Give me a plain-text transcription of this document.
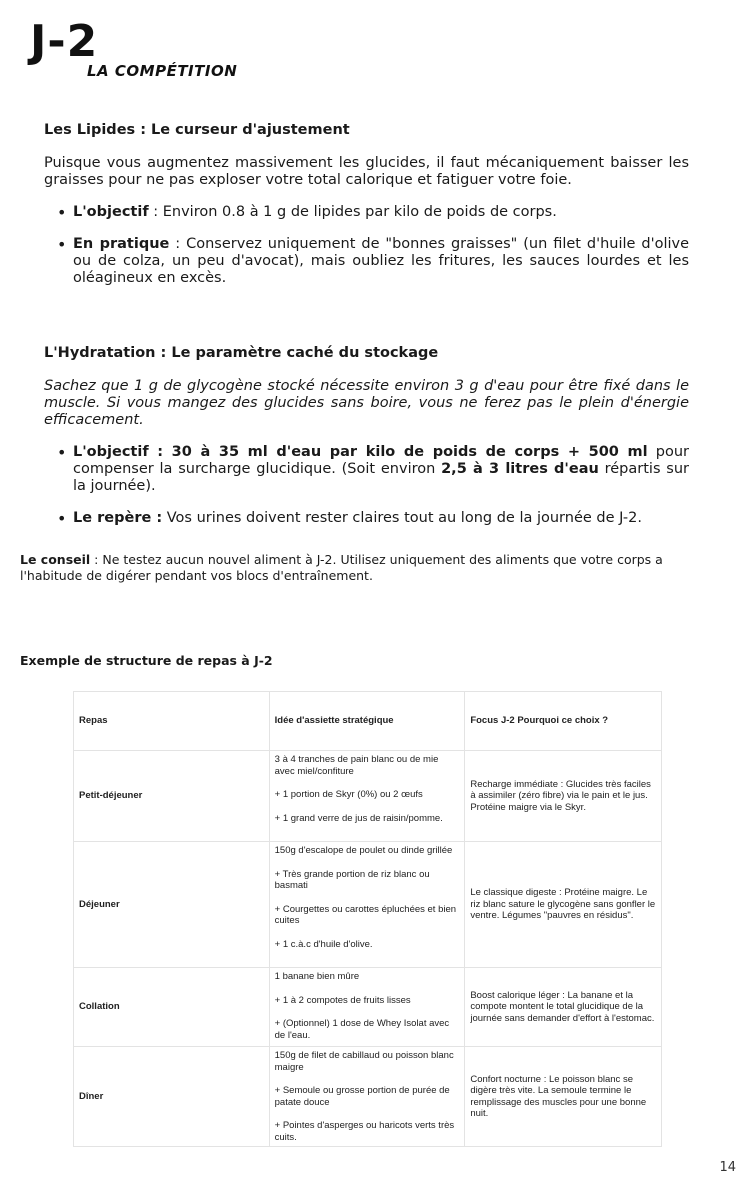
J-2
LA COMPÉTITION
Les Lipides : Le curseur d'ajustement

Puisque vous augmentez massivement les glucides, il faut mécaniquement baisser les graisses pour ne pas exploser votre total calorique et fatiguer votre foie.

• L'objectif : Environ 0.8 à 1 g de lipides par kilo de poids de corps.
• En pratique : Conservez uniquement de "bonnes graisses" (un filet d'huile d'olive ou de colza, un peu d'avocat), mais oubliez les fritures, les sauces lourdes et les oléagineux en excès.
L'Hydratation : Le paramètre caché du stockage

Sachez que 1 g de glycogène stocké nécessite environ 3 g d'eau pour être fixé dans le muscle. Si vous mangez des glucides sans boire, vous ne ferez pas le plein d'énergie efficacement.

• L'objectif : 30 à 35 ml d'eau par kilo de poids de corps + 500 ml pour compenser la surcharge glucidique. (Soit environ 2,5 à 3 litres d'eau répartis sur la journée).
• Le repère : Vos urines doivent rester claires tout au long de la journée de J-2.

Le conseil : Ne testez aucun nouvel aliment à J-2. Utilisez uniquement des aliments que votre corps a l'habitude de digérer pendant vos blocs d'entraînement.

Exemple de structure de repas à J-2
Repas	Idée d'assiette stratégique	Focus J-2 Pourquoi ce choix ?
Petit-déjeuner	3 à 4 tranches de pain blanc ou de mie avec miel/confiture

+ 1 portion de Skyr (0%) ou 2 œufs

+ 1 grand verre de jus de raisin/pomme.	Recharge immédiate : Glucides très faciles à assimiler (zéro fibre) via le pain et le jus. Protéine maigre via le Skyr.
Déjeuner	150g d'escalope de poulet ou dinde grillée

+ Très grande portion de riz blanc ou basmati

+ Courgettes ou carottes épluchées et bien cuites

+ 1 c.à.c d'huile d'olive.	Le classique digeste : Protéine maigre. Le riz blanc sature le glycogène sans gonfler le ventre. Légumes "pauvres en résidus".
Collation	1 banane bien mûre

+ 1 à 2 compotes de fruits lisses

+ (Optionnel) 1 dose de Whey Isolat avec de l'eau.	Boost calorique léger : La banane et la compote montent le total glucidique de la journée sans demander d'effort à l'estomac.
Dîner	150g de filet de cabillaud ou poisson blanc maigre

+ Semoule ou grosse portion de purée de patate douce

+ Pointes d'asperges ou haricots verts très cuits.	Confort nocturne : Le poisson blanc se digère très vite. La semoule termine le remplissage des muscles pour une bonne nuit.
14
